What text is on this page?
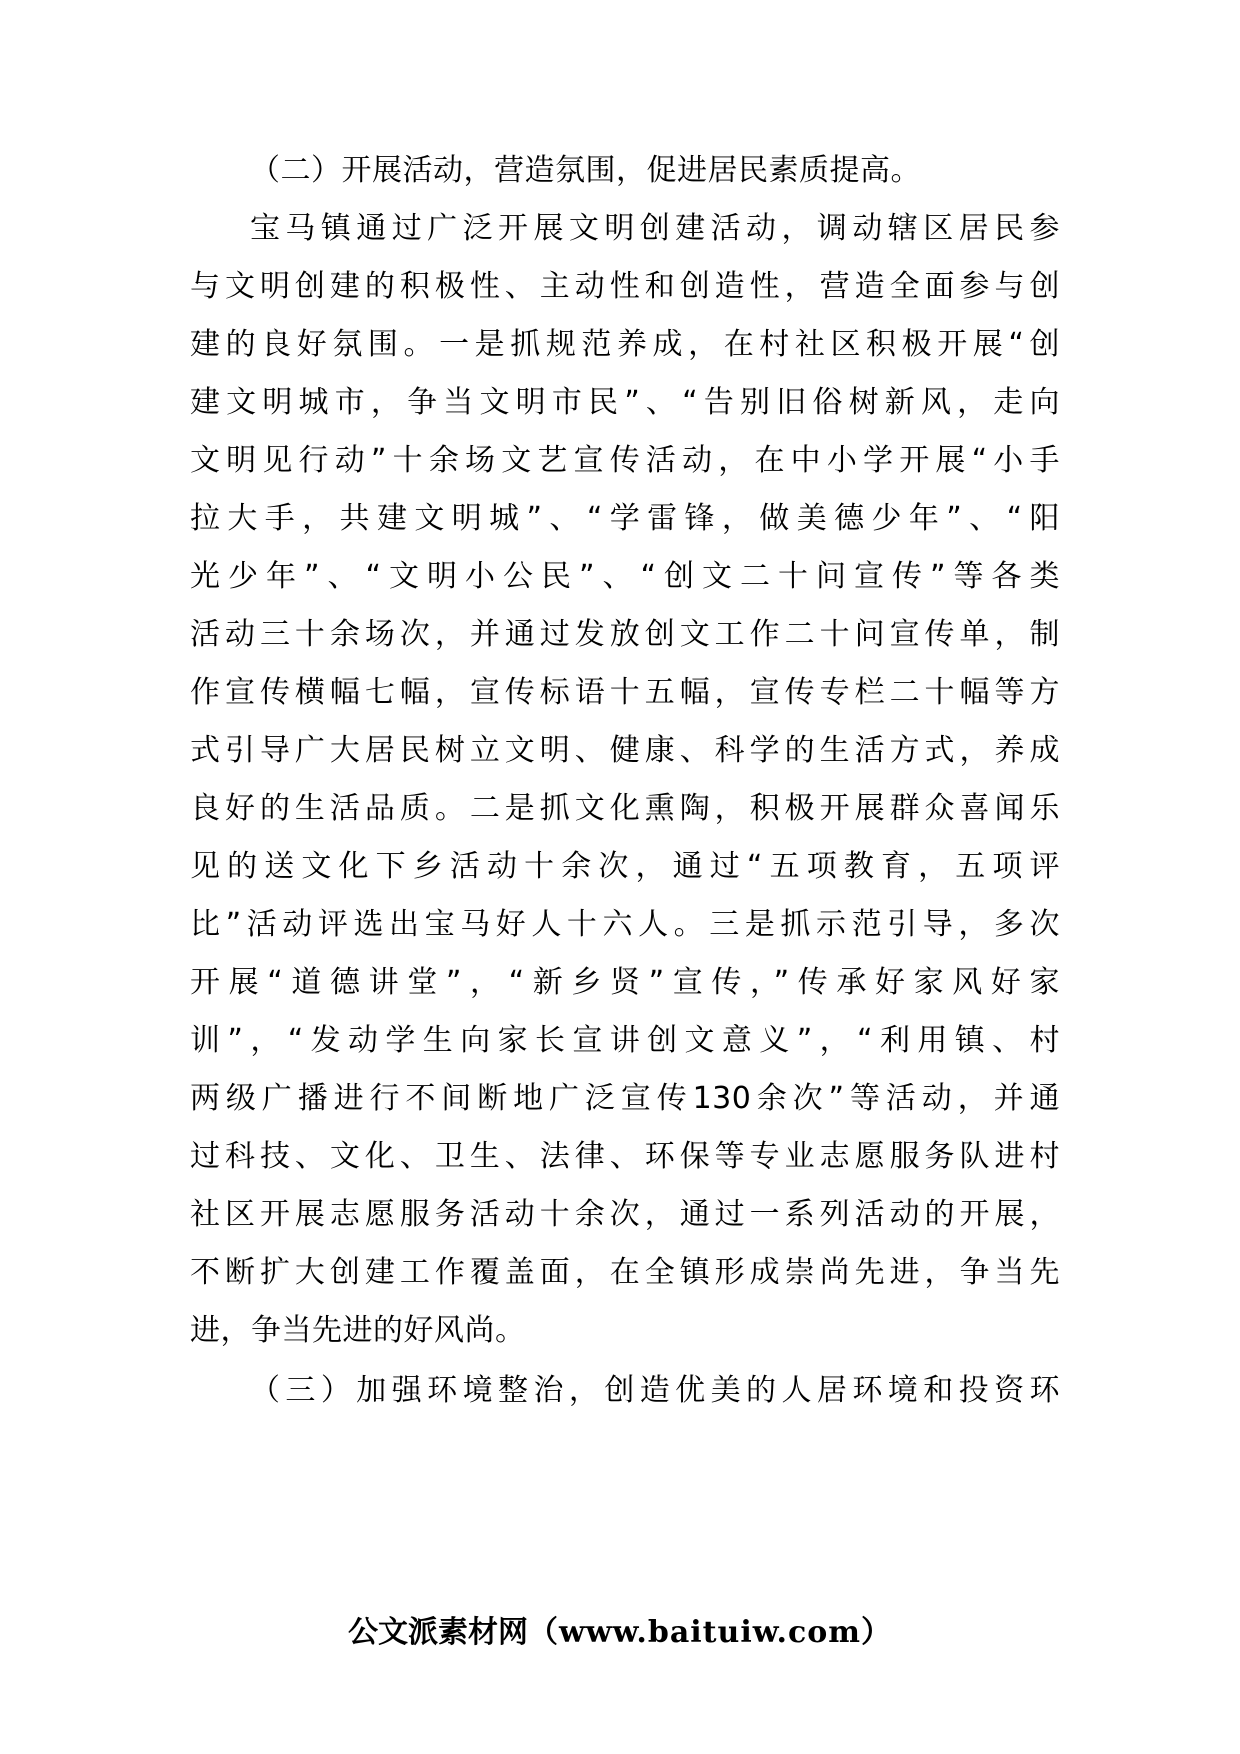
（二）开展活动，营造氛围，促进居民素质提高。
宝马镇通过广泛开展文明创建活动，调动辖区居民参
与文明创建的积极性、主动性和创造性，营造全面参与创
建的良好氛围。一是抓规范养成，在村社区积极开展“创
建文明城市，争当文明市民”、“告别旧俗树新风，走向
文明见行动”十余场文艺宣传活动，在中小学开展“小手
拉大手，共建文明城”、“学雷锋，做美德少年”、“阳
光少年”、“文明小公民”、“创文二十问宣传”等各类
活动三十余场次，并通过发放创文工作二十问宣传单，制
作宣传横幅七幅，宣传标语十五幅，宣传专栏二十幅等方
式引导广大居民树立文明、健康、科学的生活方式，养成
良好的生活品质。二是抓文化熏陶，积极开展群众喜闻乐
见的送文化下乡活动十余次，通过“五项教育，五项评
比”活动评选出宝马好人十六人。三是抓示范引导，多次
开展“道德讲堂”，“新乡贤”宣传，”传承好家风好家
训”，“发动学生向家长宣讲创文意义”，“利用镇、村
两级广播进行不间断地广泛宣传130余次”等活动，并通
过科技、文化、卫生、法律、环保等专业志愿服务队进村
社区开展志愿服务活动十余次，通过一系列活动的开展，
不断扩大创建工作覆盖面，在全镇形成崇尚先进，争当先
进，争当先进的好风尚。
（三）加强环境整治，创造优美的人居环境和投资环
公文派素材网（www.baituiw.com）
